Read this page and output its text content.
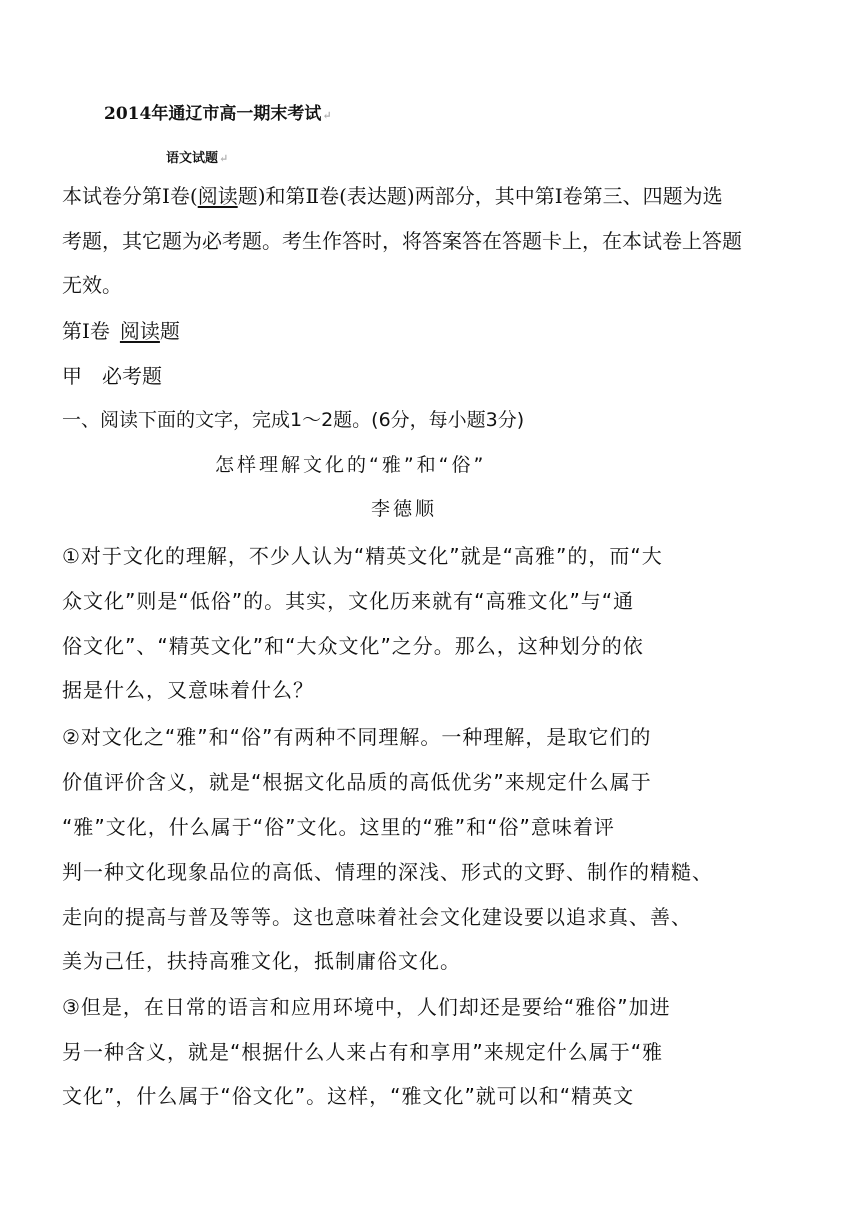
2014年通辽市高一期末考试↵
语文试题↵
本试卷分第Ⅰ卷(阅读题)和第Ⅱ卷(表达题)两部分，其中第Ⅰ卷第三、四题为选
考题，其它题为必考题。考生作答时，将答案答在答题卡上，在本试卷上答题
无效。
第Ⅰ卷 阅读题
甲　必考题
一、阅读下面的文字，完成1～2题。(6分，每小题3分)
怎样理解文化的“雅”和“俗”
李德顺
①对于文化的理解，不少人认为“精英文化”就是“高雅”的，而“大
众文化”则是“低俗”的。其实，文化历来就有“高雅文化”与“通
俗文化”、“精英文化”和“大众文化”之分。那么，这种划分的依
据是什么，又意味着什么？
②对文化之“雅”和“俗”有两种不同理解。一种理解，是取它们的
价值评价含义，就是“根据文化品质的高低优劣”来规定什么属于
“雅”文化，什么属于“俗”文化。这里的“雅”和“俗”意味着评
判一种文化现象品位的高低、情理的深浅、形式的文野、制作的精糙、
走向的提高与普及等等。这也意味着社会文化建设要以追求真、善、
美为己任，扶持高雅文化，抵制庸俗文化。
③但是，在日常的语言和应用环境中，人们却还是要给“雅俗”加进
另一种含义，就是“根据什么人来占有和享用”来规定什么属于“雅
文化”，什么属于“俗文化”。这样，“雅文化”就可以和“精英文
